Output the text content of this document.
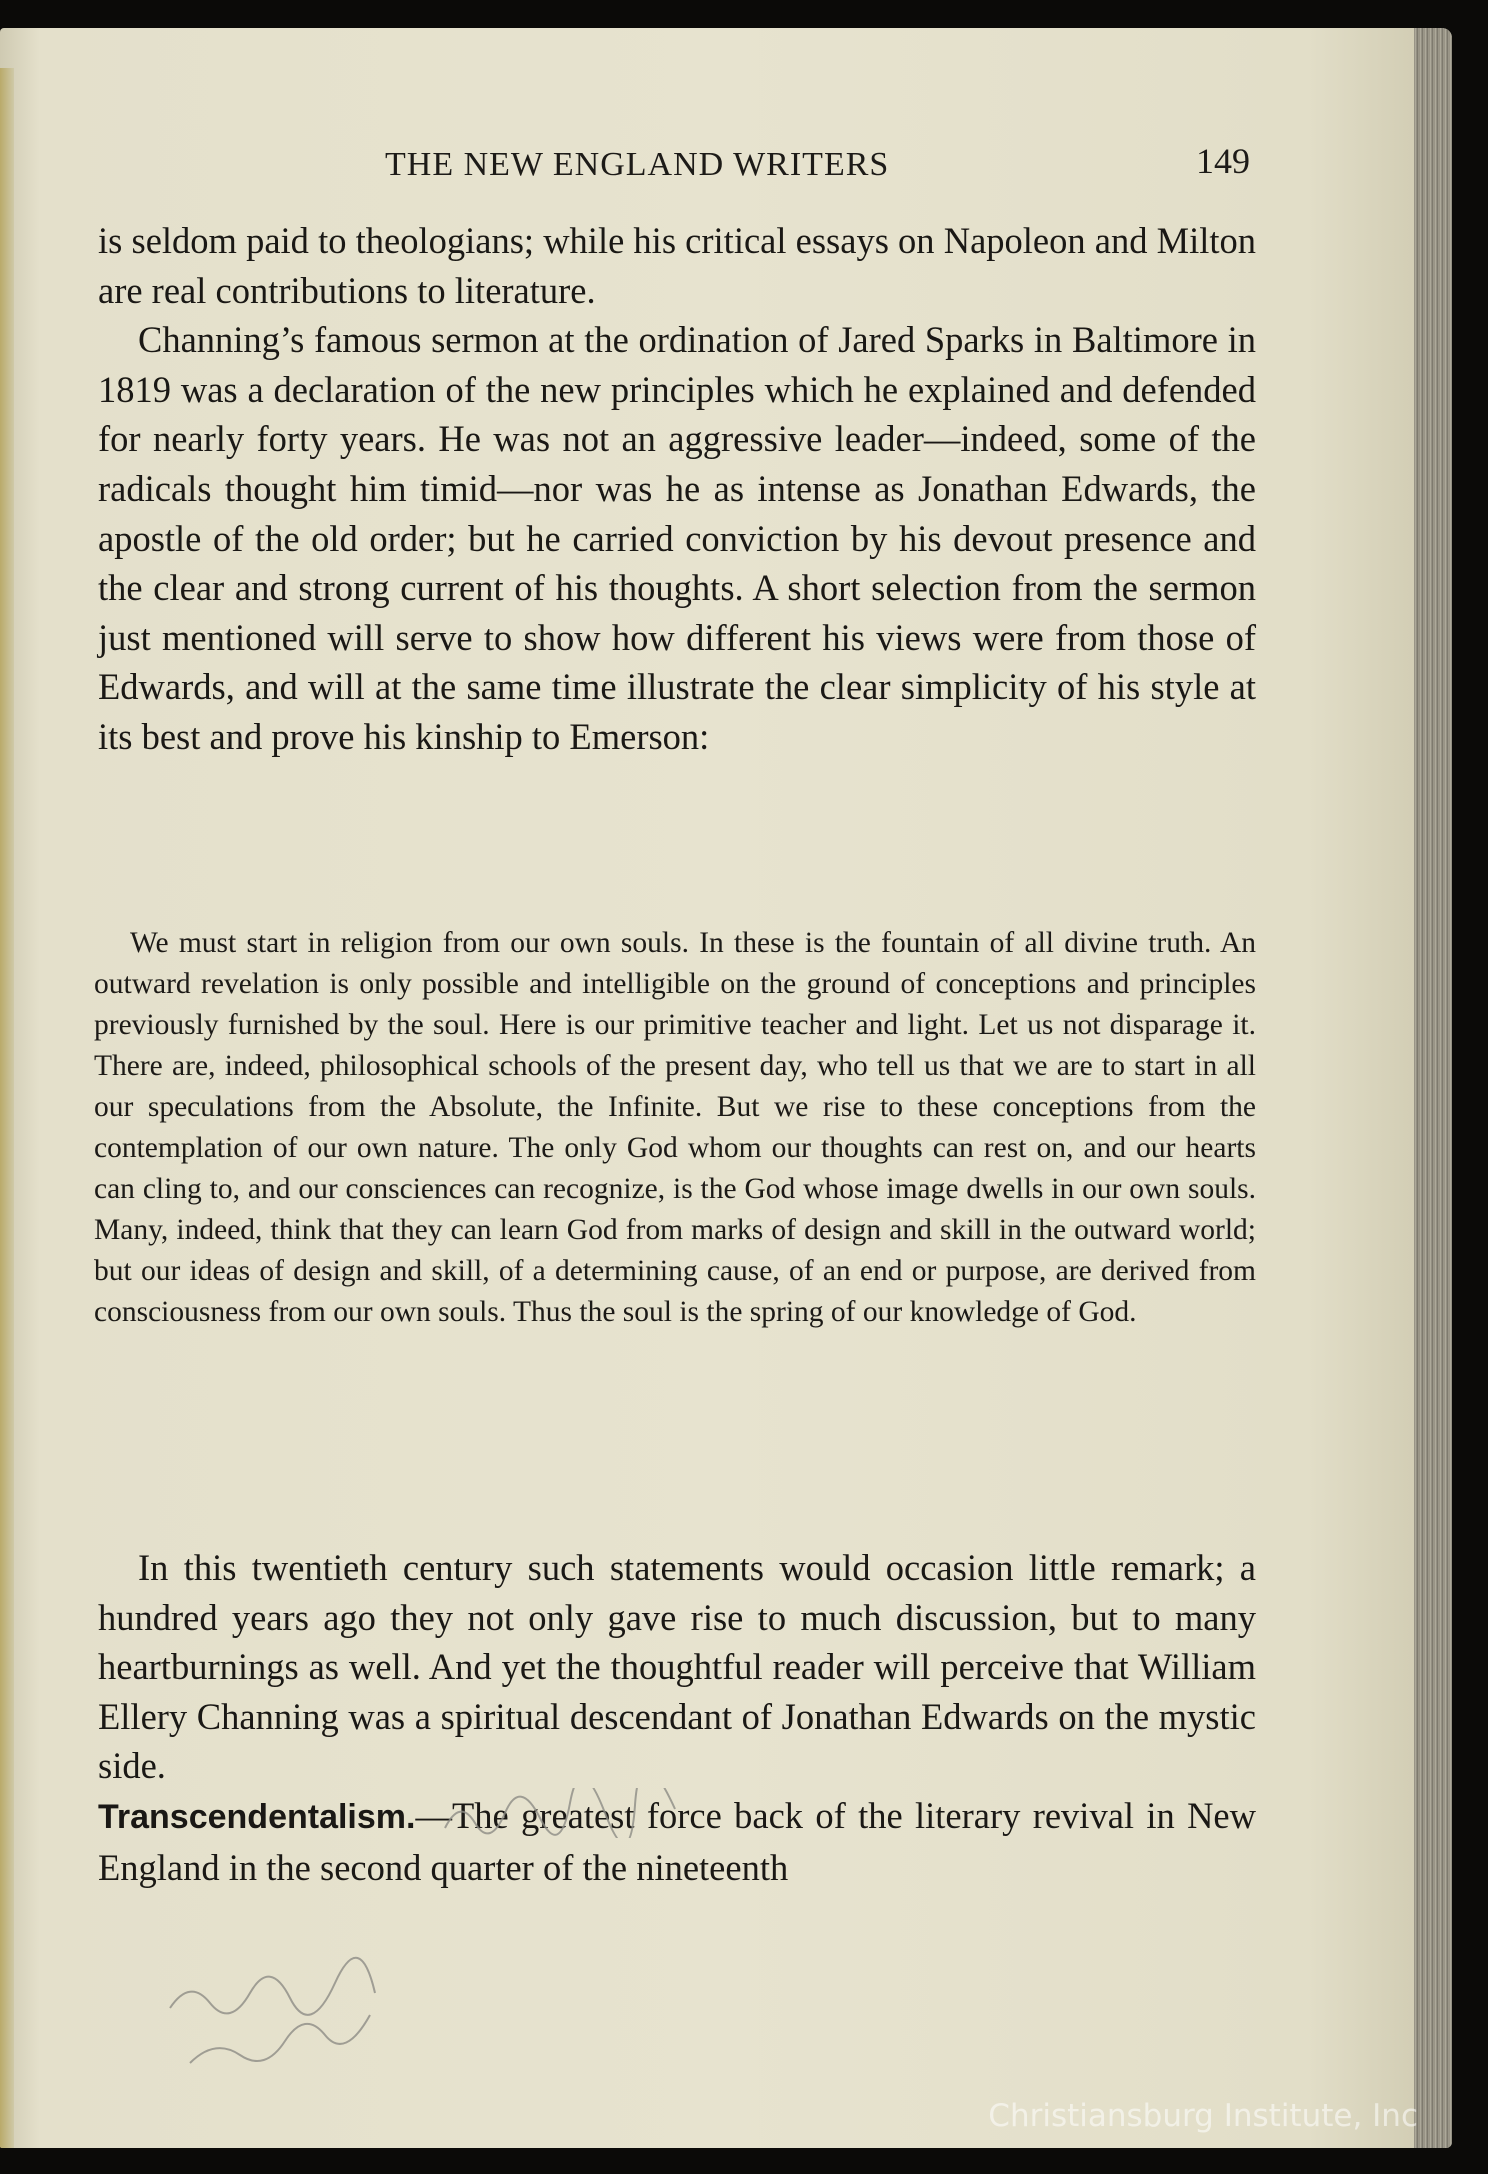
THE NEW ENGLAND WRITERS	149

is seldom paid to theologians; while his critical essays on Napoleon and Milton are real contributions to literature.

Channing’s famous sermon at the ordination of Jared Sparks in Baltimore in 1819 was a declaration of the new principles which he explained and defended for nearly forty years. He was not an aggressive leader—indeed, some of the radicals thought him timid—nor was he as intense as Jonathan Edwards, the apostle of the old order; but he carried conviction by his devout presence and the clear and strong current of his thoughts. A short selection from the sermon just mentioned will serve to show how different his views were from those of Edwards, and will at the same time illustrate the clear simplicity of his style at its best and prove his kinship to Emerson:

We must start in religion from our own souls. In these is the fountain of all divine truth. An outward revelation is only possible and intelligible on the ground of conceptions and principles previously furnished by the soul. Here is our primitive teacher and light. Let us not disparage it. There are, indeed, philosophical schools of the present day, who tell us that we are to start in all our speculations from the Absolute, the Infinite. But we rise to these conceptions from the contemplation of our own nature. The only God whom our thoughts can rest on, and our hearts can cling to, and our consciences can recognize, is the God whose image dwells in our own souls. Many, indeed, think that they can learn God from marks of design and skill in the outward world; but our ideas of design and skill, of a determining cause, of an end or purpose, are derived from consciousness from our own souls. Thus the soul is the spring of our knowledge of God.

In this twentieth century such statements would occasion little remark; a hundred years ago they not only gave rise to much discussion, but to many heartburnings as well. And yet the thoughtful reader will perceive that William Ellery Channing was a spiritual descendant of Jonathan Edwards on the mystic side.

Transcendentalism.—The greatest force back of the literary revival in New England in the second quarter of the nineteenth

Christiansburg Institute, Inc
